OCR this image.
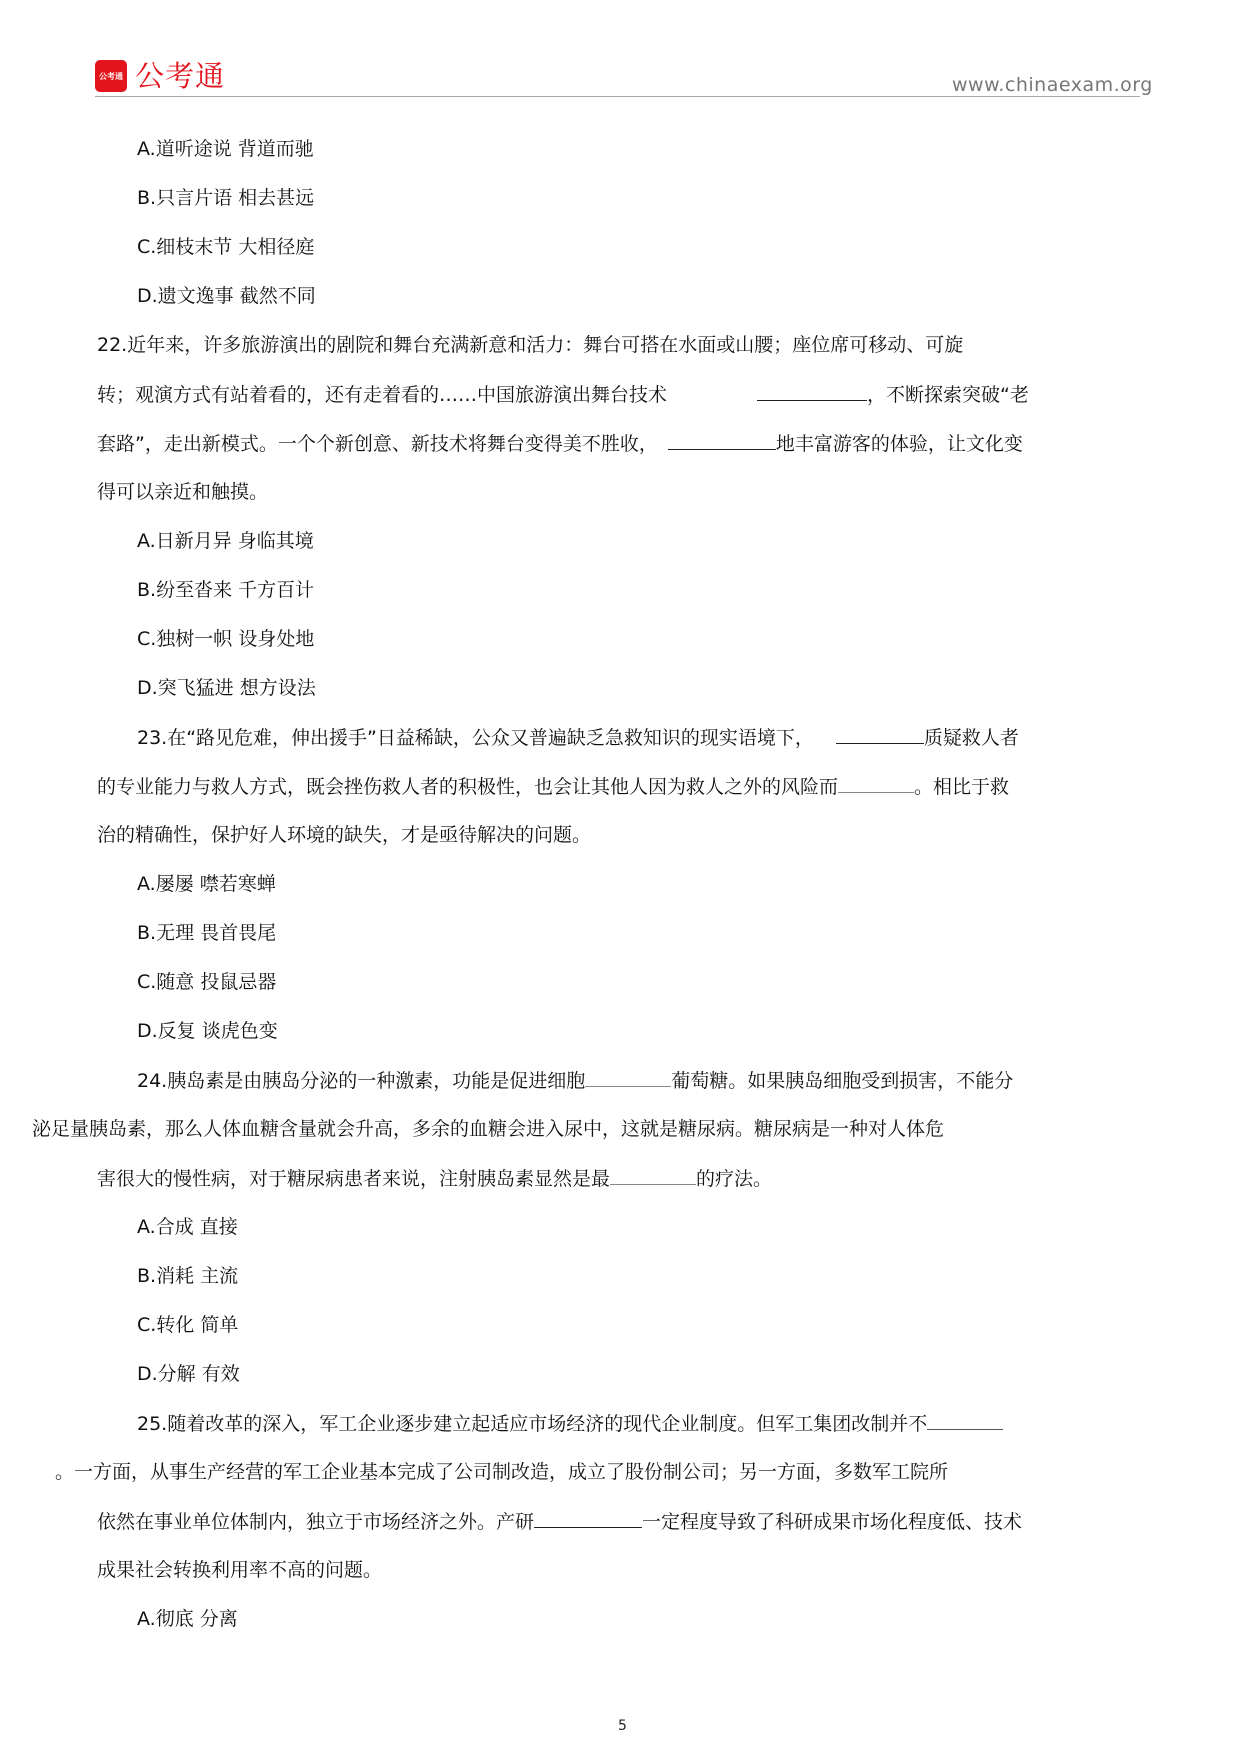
公考通 公考通	www.chinaexam.org
A.道听途说 背道而驰
B.只言片语 相去甚远
C.细枝末节 大相径庭
D.遗文逸事 截然不同
22.近年来，许多旅游演出的剧院和舞台充满新意和活力：舞台可搭在水面或山腰；座位席可移动、可旋
转；观演方式有站着看的，还有走着看的……中国旅游演出舞台技术	，不断探索突破“老
套路”，走出新模式。一个个新创意、新技术将舞台变得美不胜收，	地丰富游客的体验，让文化变
得可以亲近和触摸。
A.日新月异 身临其境
B.纷至沓来 千方百计
C.独树一帜 设身处地
D.突飞猛进 想方设法
23.在“路见危难，伸出援手”日益稀缺，公众又普遍缺乏急救知识的现实语境下，	质疑救人者
的专业能力与救人方式，既会挫伤救人者的积极性，也会让其他人因为救人之外的风险而	。相比于救
治的精确性，保护好人环境的缺失，才是亟待解决的问题。
A.屡屡 噤若寒蝉
B.无理 畏首畏尾
C.随意 投鼠忌器
D.反复 谈虎色变
24.胰岛素是由胰岛分泌的一种激素，功能是促进细胞	葡萄糖。如果胰岛细胞受到损害，不能分
泌足量胰岛素，那么人体血糖含量就会升高，多余的血糖会进入尿中，这就是糖尿病。糖尿病是一种对人体危
害很大的慢性病，对于糖尿病患者来说，注射胰岛素显然是最	的疗法。
A.合成 直接
B.消耗 主流
C.转化 简单
D.分解 有效
25.随着改革的深入，军工企业逐步建立起适应市场经济的现代企业制度。但军工集团改制并不
。一方面，从事生产经营的军工企业基本完成了公司制改造，成立了股份制公司；另一方面，多数军工院所
依然在事业单位体制内，独立于市场经济之外。产研	一定程度导致了科研成果市场化程度低、技术
成果社会转换利用率不高的问题。
A.彻底 分离
5
